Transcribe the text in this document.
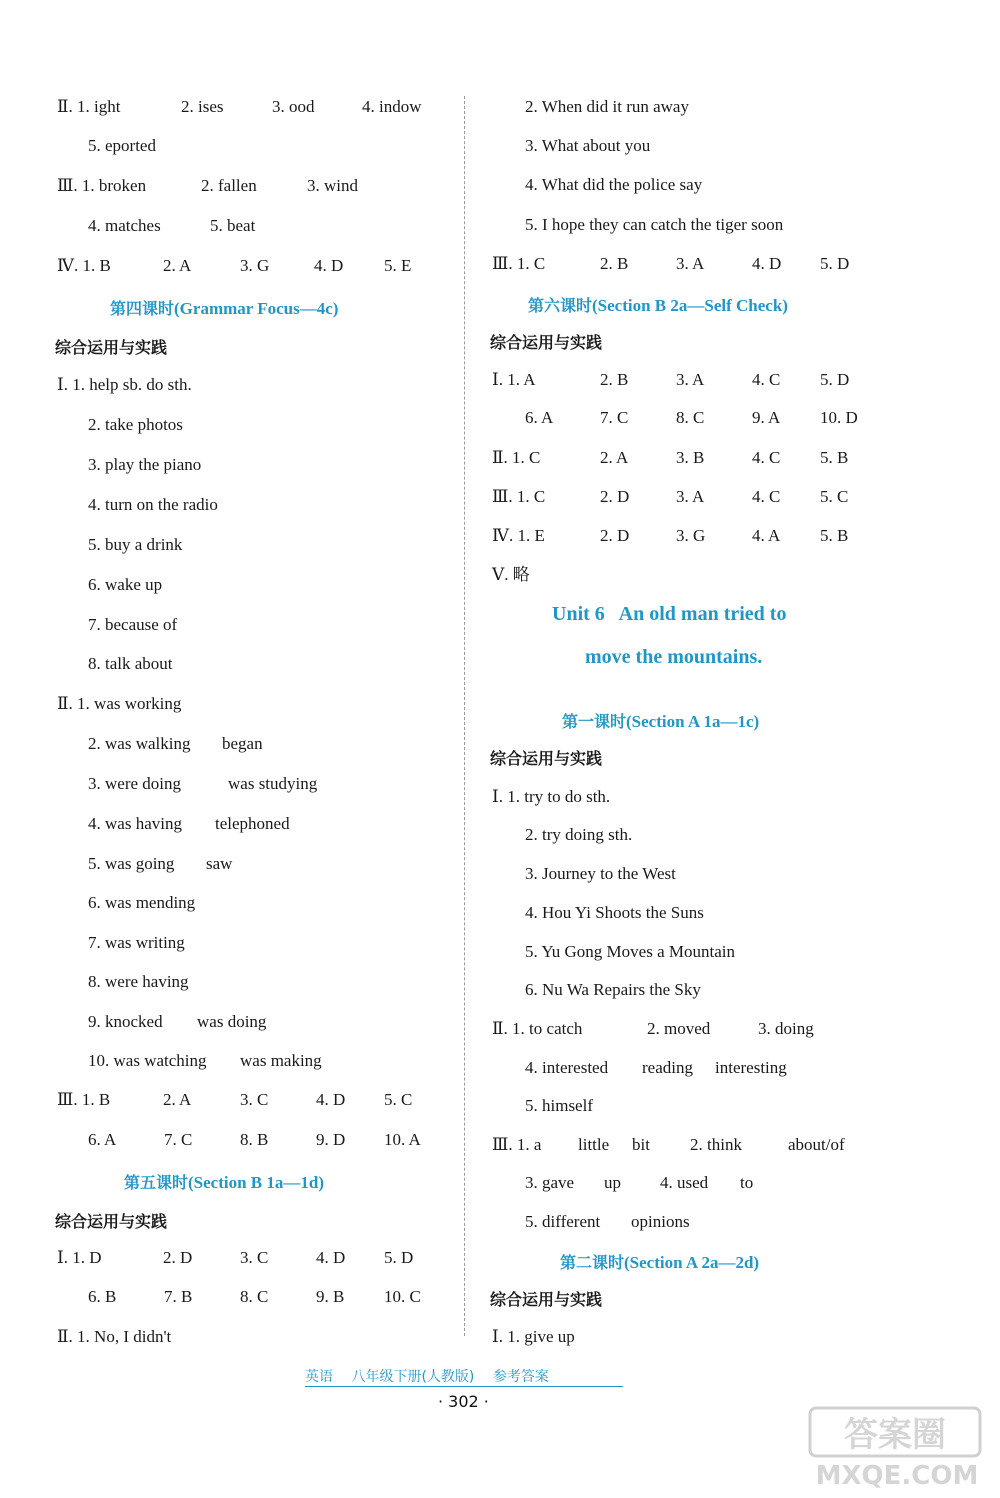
Ⅱ. 1. ight	2. ises	3. ood	4. indow
5. eported
Ⅲ. 1. broken	2. fallen	3. wind
4. matches	5. beat
Ⅳ. 1. B	2. A	3. G	4. D 5. E
Ⅰ. 1. help sb. do sth.
2. take photos
3. play the piano
4. turn on the radio
5. buy a drink
6. wake up
7. because of
8. talk about
Ⅱ. 1. was working
2. was walking began
3. were doing	was studying
4. was having telephoned
5. was going saw
6. was mending
7. was writing
8. were having
9. knocked was doing
10. was watching was making
Ⅲ. 1. B	2. A	3. C	4. D 5. C
6. A	7. C	8. B	9. D 10. A
Ⅰ. 1. D	2. D	3. C	4. D 5. D
6. B	7. B	8. C	9. B 10. C
Ⅱ. 1. No, I didn't
第四课时(Grammar Focus—4c)
第五课时(Section B 1a—1d)
综合运用与实践
综合运用与实践
2. When did it run away
3. What about you
4. What did the police say
5. I hope they can catch the tiger soon
Ⅲ. 1. C	2. B	3. A	4. D 5. D
Ⅰ. 1. A	2. B	3. A	4. C 5. D
6. A	7. C	8. C	9. A 10. D
Ⅱ. 1. C	2. A	3. B	4. C 5. B
Ⅲ. 1. C	2. D	3. A	4. C 5. C
Ⅳ. 1. E	2. D	3. G	4. A 5. B
Ⅴ. 略
Ⅰ. 1. try to do sth.
2. try doing sth.
3. Journey to the West
4. Hou Yi Shoots the Suns
5. Yu Gong Moves a Mountain
6. Nu Wa Repairs the Sky
Ⅱ. 1. to catch	2. moved	3. doing
4. interested reading interesting
5. himself
Ⅲ. 1. a little bit 2. think	about/of
3. gave up 4. used to
5. different opinions
Ⅰ. 1. give up
第六课时(Section B 2a—Self Check)
第一课时(Section A 1a—1c)
第二课时(Section A 2a—2d)
综合运用与实践
综合运用与实践
综合运用与实践
Unit 6   An old man tried to
move the mountains.
英语 八年级下册(人教版) 参考答案
· 302 ·
答案圈
MXQE.COM
